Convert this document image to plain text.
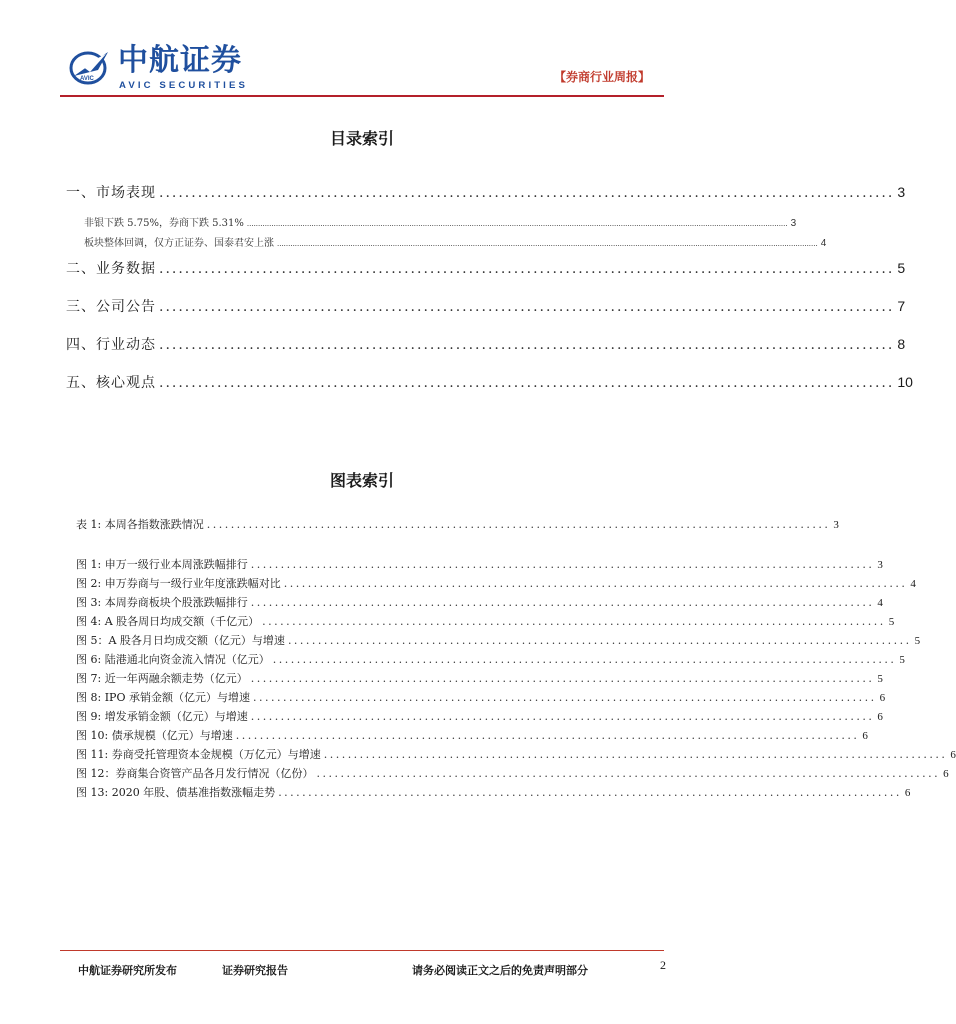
AVIC
中航证券
AVIC SECURITIES
【券商行业周报】
目录索引
一、市场表现 .................................................................................................................. 3
非银下跌 5.75%，券商下跌 5.31% ................................................................................................................................................................................................................................................... 3
板块整体回调，仅方正证券、国泰君安上涨 ................................................................................................................................................................................................................................................... 4
二、业务数据 .................................................................................................................. 5
三、公司公告 .................................................................................................................. 7
四、行业动态 .................................................................................................................. 8
五、核心观点 .................................................................................................................. 10
图表索引
表 1: 本周各指数涨跌情况 ........................................................................................................ 3
图 1: 申万一级行业本周涨跌幅排行 ........................................................................................................ 3
图 2: 申万券商与一级行业年度涨跌幅对比 ........................................................................................................ 4
图 3: 本周券商板块个股涨跌幅排行 ........................................................................................................ 4
图 4: A 股各周日均成交额（千亿元） ........................................................................................................ 5
图 5：A 股各月日均成交额（亿元）与增速 ........................................................................................................ 5
图 6: 陆港通北向资金流入情况（亿元） ........................................................................................................ 5
图 7: 近一年两融余额走势（亿元） ........................................................................................................ 5
图 8: IPO 承销金额（亿元）与增速 ........................................................................................................ 6
图 9: 增发承销金额（亿元）与增速 ........................................................................................................ 6
图 10: 债承规模（亿元）与增速 ........................................................................................................ 6
图 11: 券商受托管理资本金规模（万亿元）与增速 ........................................................................................................ 6
图 12：券商集合资管产品各月发行情况（亿份） ........................................................................................................ 6
图 13: 2020 年股、债基准指数涨幅走势 ........................................................................................................ 6
中航证券研究所发布	证券研究报告	请务必阅读正文之后的免责声明部分	2
